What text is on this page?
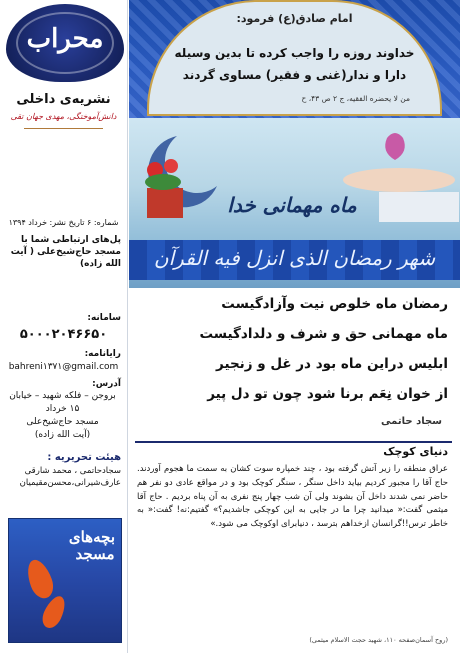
محراب
نشریه‌ی داخلی
دانش‌آموختگی، مهدی جهان تقی
شماره: ۶ تاریخ نشر: خرداد ۱۳۹۴
پل‌های ارتباطی شما با مسجد حاج‌شیخ‌علی ( آیت الله زاده)
سامانه:
۵۰۰۰۲۰۴۶۶۵۰
رایانامه:
bahreni۱۳۷۱@gmail.com
آدرس:
بروجن – فلکه شهید – خیابان
۱۵ خرداد
مسجد حاج‌شیخ‌علی
(آیت الله زاده)
هیئت تحریریه :
سجادحاتمی ، محمد شارقی عارف‌شیرانی،محسن‌مقیمیان
بچه‌های مسجد
امام صادق(ع) فرمود:
خداوند روزه را واجب کرده تا بدین وسیله
دارا و ندار(غنی و فقیر) مساوی گردند
من لا یحضره الفقیه، ج ۲ ص ۴۳، ح
ماه مهمانی خدا
شهر رمضان الذی انزل فیه القرآن
رمضان ماه خلوص نیت وآزادگیست
ماه مهمانی حق و شرف و دلدادگیست
ابلیس دراین ماه بود در غل و زنجیر
از خوان نِعَم برنا شود چون تو دل پیر
سجاد حاتمی
دنیای کوچک
عراق منطقه را زیر آتش گرفته بود ، چند خمپاره سوت کشان به سمت ما هجوم آوردند. حاج آقا را مجبور کردیم بیاید داخل سنگر ، سنگر کوچک بود و در مواقع عادی دو نفر هم حاضر نمی شدند داخل آن بشوند ولی آن شب چهار پنج نفری به آن پناه بردیم . حاج آقا میثمی گفت:« میدانید چرا ما در جایی به این کوچکی جاشدیم؟» گفتیم:نه! گفت:« به خاطر ترس!!گرانسان ازخداهم بترسد ، دنیابرای اوکوچک می شود.»
(روح آسمان‌صفحه ۱۱۰، شهید حجت الاسلام میثمی)
